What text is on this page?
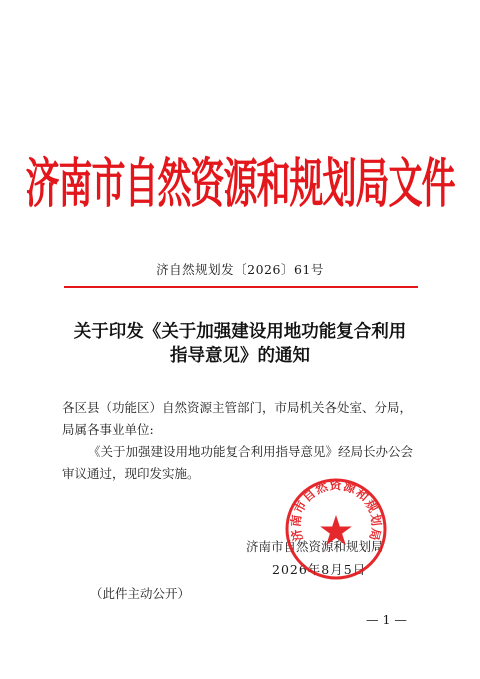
济南市自然资源和规划局文件
济自然规划发〔2026〕61号
关于印发《关于加强建设用地功能复合利用
指导意见》的通知

各区县（功能区）自然资源主管部门，市局机关各处室、分局，

局属各事业单位:

《关于加强建设用地功能复合利用指导意见》经局长办公会

审议通过，现印发实施。

济南市自然资源和规划局
2026年8月5日
济南市自然资源和规划局
（此件主动公开）
— 1 —
